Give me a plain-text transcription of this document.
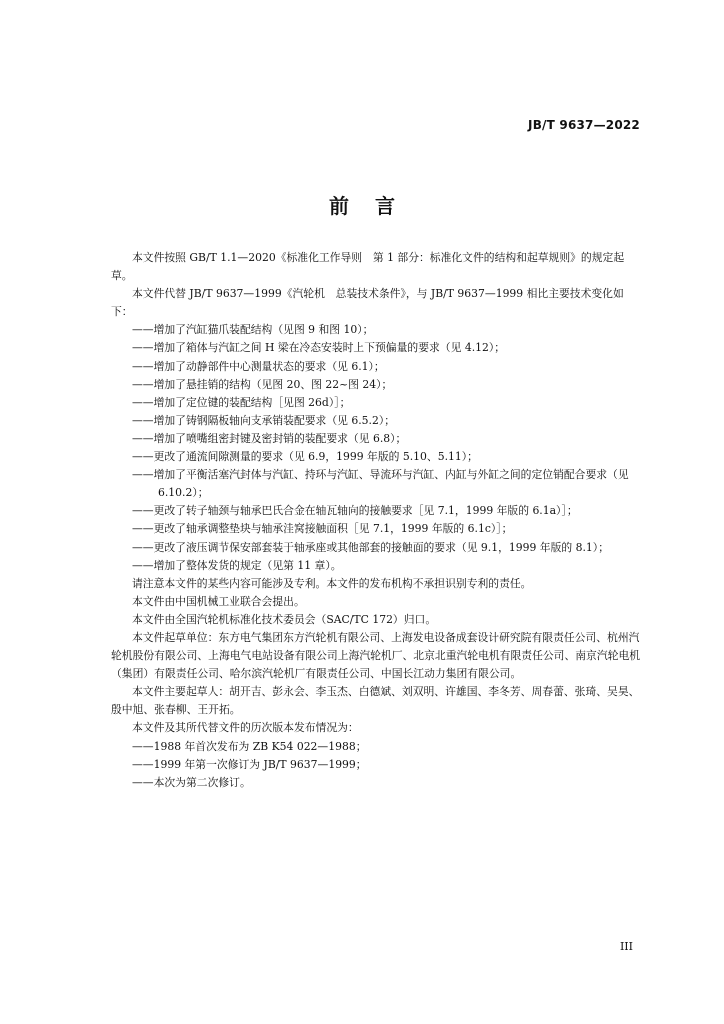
JB/T 9637—2022
前言

本文件按照 GB/T 1.1—2020《标准化工作导则　第 1 部分：标准化文件的结构和起草规则》的规定起草。

本文件代替 JB/T 9637—1999《汽轮机　总装技术条件》，与 JB/T 9637—1999 相比主要技术变化如下：

——增加了汽缸猫爪装配结构（见图 9 和图 10）；

——增加了箱体与汽缸之间 H 梁在冷态安装时上下预偏量的要求（见 4.12）；

——增加了动静部件中心测量状态的要求（见 6.1）；

——增加了悬挂销的结构（见图 20、图 22~图 24）；

——增加了定位键的装配结构［见图 26d）］；

——增加了铸钢隔板轴向支承销装配要求（见 6.5.2）；

——增加了喷嘴组密封键及密封销的装配要求（见 6.8）；

——更改了通流间隙测量的要求（见 6.9，1999 年版的 5.10、5.11）；

——增加了平衡活塞汽封体与汽缸、持环与汽缸、导流环与汽缸、内缸与外缸之间的定位销配合要求（见 6.10.2）；

——更改了转子轴颈与轴承巴氏合金在轴瓦轴向的接触要求［见 7.1，1999 年版的 6.1a）］；

——更改了轴承调整垫块与轴承洼窝接触面积［见 7.1，1999 年版的 6.1c）］；

——更改了液压调节保安部套装于轴承座或其他部套的接触面的要求（见 9.1，1999 年版的 8.1）；

——增加了整体发货的规定（见第 11 章）。

请注意本文件的某些内容可能涉及专利。本文件的发布机构不承担识别专利的责任。

本文件由中国机械工业联合会提出。

本文件由全国汽轮机标准化技术委员会（SAC/TC 172）归口。

本文件起草单位：东方电气集团东方汽轮机有限公司、上海发电设备成套设计研究院有限责任公司、杭州汽轮机股份有限公司、上海电气电站设备有限公司上海汽轮机厂、北京北重汽轮电机有限责任公司、南京汽轮电机（集团）有限责任公司、哈尔滨汽轮机厂有限责任公司、中国长江动力集团有限公司。

本文件主要起草人：胡开吉、彭永会、李玉杰、白德斌、刘双明、许雄国、李冬芳、周春蕾、张琦、吴昊、殷中旭、张春柳、王开拓。

本文件及其所代替文件的历次版本发布情况为：

——1988 年首次发布为 ZB K54 022—1988；

——1999 年第一次修订为 JB/T 9637—1999；

——本次为第二次修订。

III
